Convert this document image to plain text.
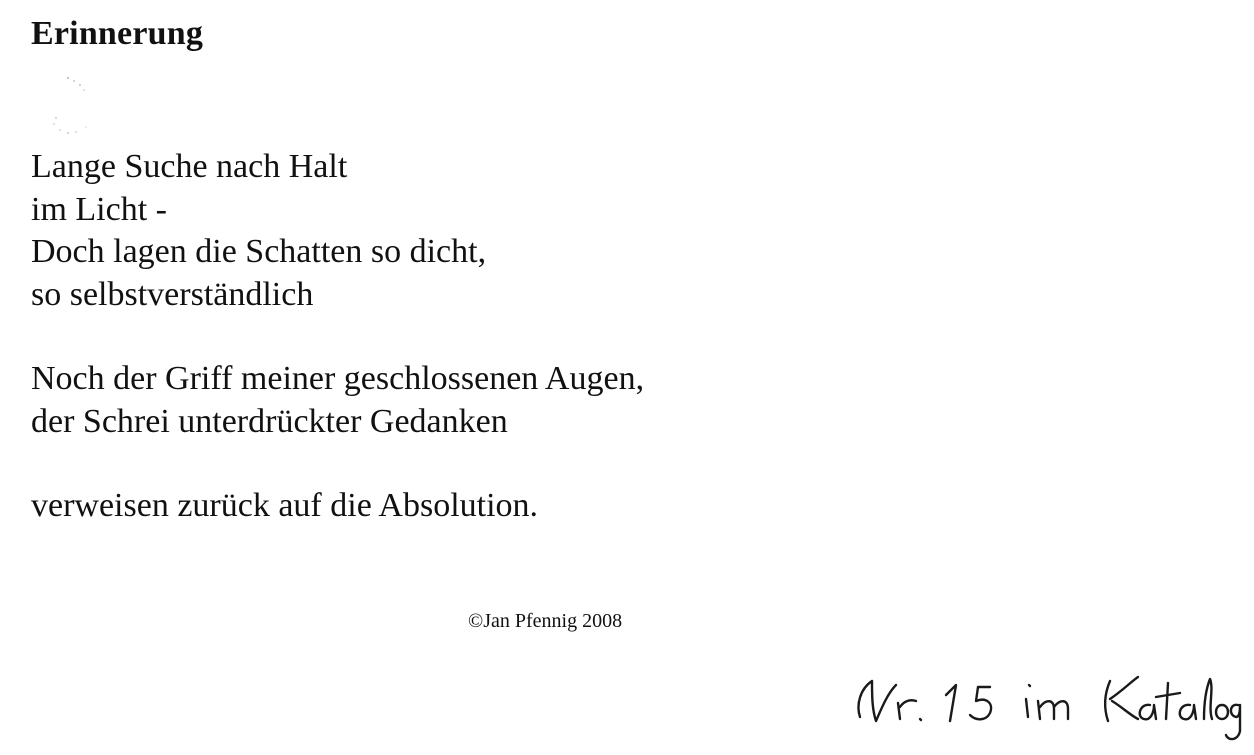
Erinnerung
Lange Suche nach Halt
im Licht -
Doch lagen die Schatten so dicht,
so selbstverständlich
Noch der Griff meiner geschlossenen Augen,
der Schrei unterdrückter Gedanken
verweisen zurück auf die Absolution.
©Jan Pfennig 2008
